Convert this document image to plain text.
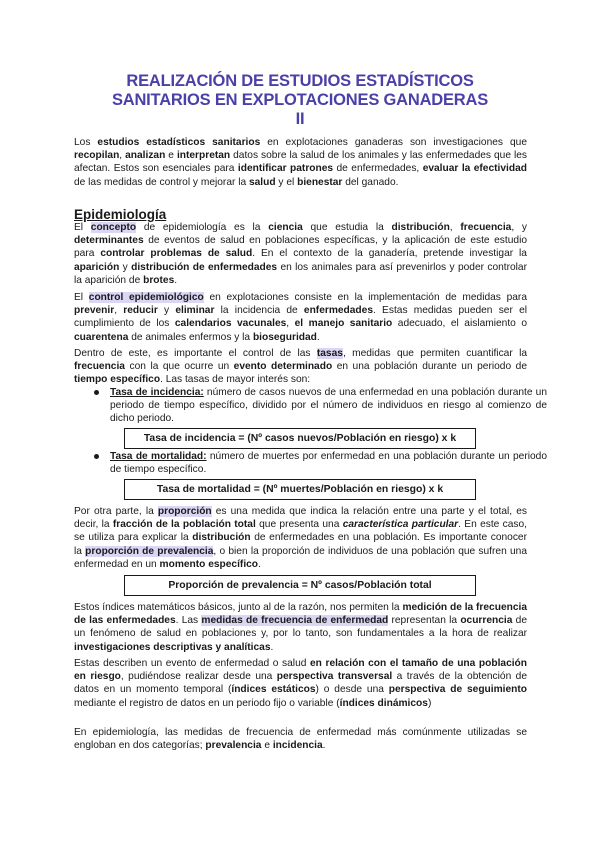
REALIZACIÓN DE ESTUDIOS ESTADÍSTICOS
SANITARIOS EN EXPLOTACIONES GANADERAS
II

Los estudios estadísticos sanitarios en explotaciones ganaderas son investigaciones que recopilan, analizan e interpretan datos sobre la salud de los animales y las enfermedades que les afectan. Estos son esenciales para identificar patrones de enfermedades, evaluar la efectividad de las medidas de control y mejorar la salud y el bienestar del ganado.

Epidemiología

El concepto de epidemiología es la ciencia que estudia la distribución, frecuencia, y determinantes de eventos de salud en poblaciones específicas, y la aplicación de este estudio para controlar problemas de salud. En el contexto de la ganadería, pretende investigar la aparición y distribución de enfermedades en los animales para así prevenirlos y poder controlar la aparición de brotes.

El control epidemiológico en explotaciones consiste en la implementación de medidas para prevenir, reducir y eliminar la incidencia de enfermedades. Estas medidas pueden ser el cumplimiento de los calendarios vacunales, el manejo sanitario adecuado, el aislamiento o cuarentena de animales enfermos y la bioseguridad.

Dentro de este, es importante el control de las tasas, medidas que permiten cuantificar la frecuencia con la que ocurre un evento determinado en una población durante un periodo de tiempo específico. Las tasas de mayor interés son:

Tasa de incidencia: número de casos nuevos de una enfermedad en una población durante un periodo de tiempo específico, dividido por el número de individuos en riesgo al comienzo de dicho periodo.

Tasa de incidencia = (Nº casos nuevos/Población en riesgo) x k

Tasa de mortalidad: número de muertes por enfermedad en una población durante un periodo de tiempo específico.

Tasa de mortalidad = (Nº muertes/Población en riesgo) x k

Por otra parte, la proporción es una medida que indica la relación entre una parte y el total, es decir, la fracción de la población total que presenta una característica particular. En este caso, se utiliza para explicar la distribución de enfermedades en una población. Es importante conocer la proporción de prevalencia, o bien la proporción de individuos de una población que sufren una enfermedad en un momento específico.

Proporción de prevalencia = Nº casos/Población total

Estos índices matemáticos básicos, junto al de la razón, nos permiten la medición de la frecuencia de las enfermedades. Las medidas de frecuencia de enfermedad representan la ocurrencia de un fenómeno de salud en poblaciones y, por lo tanto, son fundamentales a la hora de realizar investigaciones descriptivas y analíticas.

Estas describen un evento de enfermedad o salud en relación con el tamaño de una población en riesgo, pudiéndose realizar desde una perspectiva transversal a través de la obtención de datos en un momento temporal (índices estáticos) o desde una perspectiva de seguimiento mediante el registro de datos en un periodo fijo o variable (índices dinámicos)

En epidemiología, las medidas de frecuencia de enfermedad más comúnmente utilizadas se engloban en dos categorías; prevalencia e incidencia.
